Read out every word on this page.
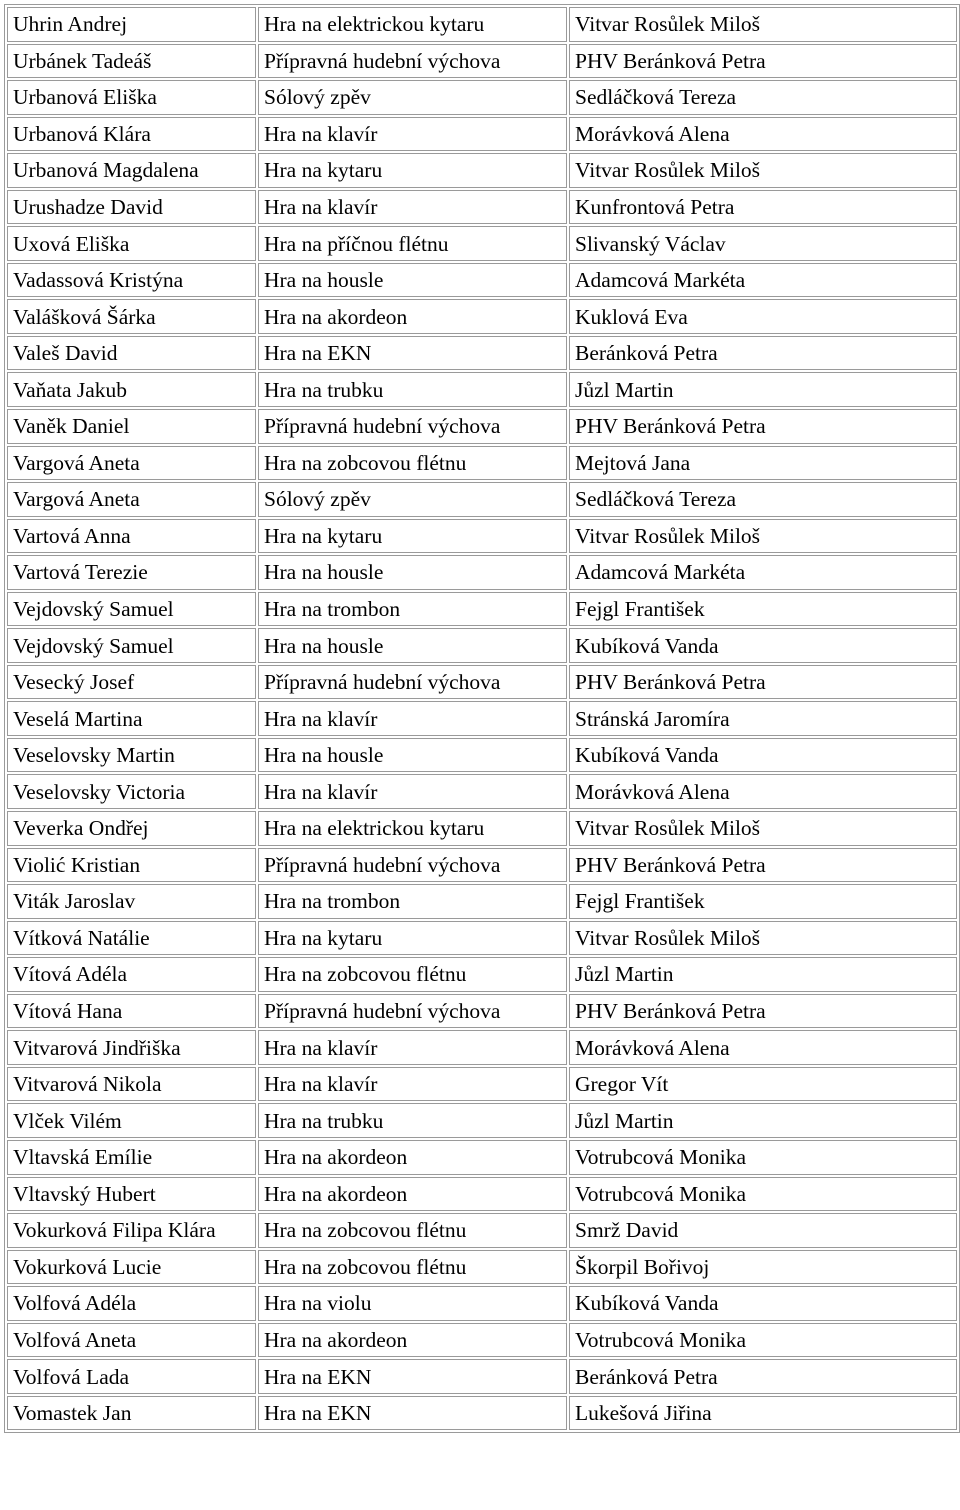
Uhrin Andrej	Hra na elektrickou kytaru	Vitvar Rosůlek Miloš
Urbánek Tadeáš	Přípravná hudební výchova	PHV Beránková Petra
Urbanová Eliška	Sólový zpěv	Sedláčková Tereza
Urbanová Klára	Hra na klavír	Morávková Alena
Urbanová Magdalena	Hra na kytaru	Vitvar Rosůlek Miloš
Urushadze David	Hra na klavír	Kunfrontová Petra
Uxová Eliška	Hra na příčnou flétnu	Slivanský Václav
Vadassová Kristýna	Hra na housle	Adamcová Markéta
Valášková Šárka	Hra na akordeon	Kuklová Eva
Valeš David	Hra na EKN	Beránková Petra
Vaňata Jakub	Hra na trubku	Jůzl Martin
Vaněk Daniel	Přípravná hudební výchova	PHV Beránková Petra
Vargová Aneta	Hra na zobcovou flétnu	Mejtová Jana
Vargová Aneta	Sólový zpěv	Sedláčková Tereza
Vartová Anna	Hra na kytaru	Vitvar Rosůlek Miloš
Vartová Terezie	Hra na housle	Adamcová Markéta
Vejdovský Samuel	Hra na trombon	Fejgl František
Vejdovský Samuel	Hra na housle	Kubíková Vanda
Vesecký Josef	Přípravná hudební výchova	PHV Beránková Petra
Veselá Martina	Hra na klavír	Stránská Jaromíra
Veselovsky Martin	Hra na housle	Kubíková Vanda
Veselovsky Victoria	Hra na klavír	Morávková Alena
Veverka Ondřej	Hra na elektrickou kytaru	Vitvar Rosůlek Miloš
Violić Kristian	Přípravná hudební výchova	PHV Beránková Petra
Viták Jaroslav	Hra na trombon	Fejgl František
Vítková Natálie	Hra na kytaru	Vitvar Rosůlek Miloš
Vítová Adéla	Hra na zobcovou flétnu	Jůzl Martin
Vítová Hana	Přípravná hudební výchova	PHV Beránková Petra
Vitvarová Jindřiška	Hra na klavír	Morávková Alena
Vitvarová Nikola	Hra na klavír	Gregor Vít
Vlček Vilém	Hra na trubku	Jůzl Martin
Vltavská Emílie	Hra na akordeon	Votrubcová Monika
Vltavský Hubert	Hra na akordeon	Votrubcová Monika
Vokurková Filipa Klára	Hra na zobcovou flétnu	Smrž David
Vokurková Lucie	Hra na zobcovou flétnu	Škorpil Bořivoj
Volfová Adéla	Hra na violu	Kubíková Vanda
Volfová Aneta	Hra na akordeon	Votrubcová Monika
Volfová Lada	Hra na EKN	Beránková Petra
Vomastek Jan	Hra na EKN	Lukešová Jiřina
